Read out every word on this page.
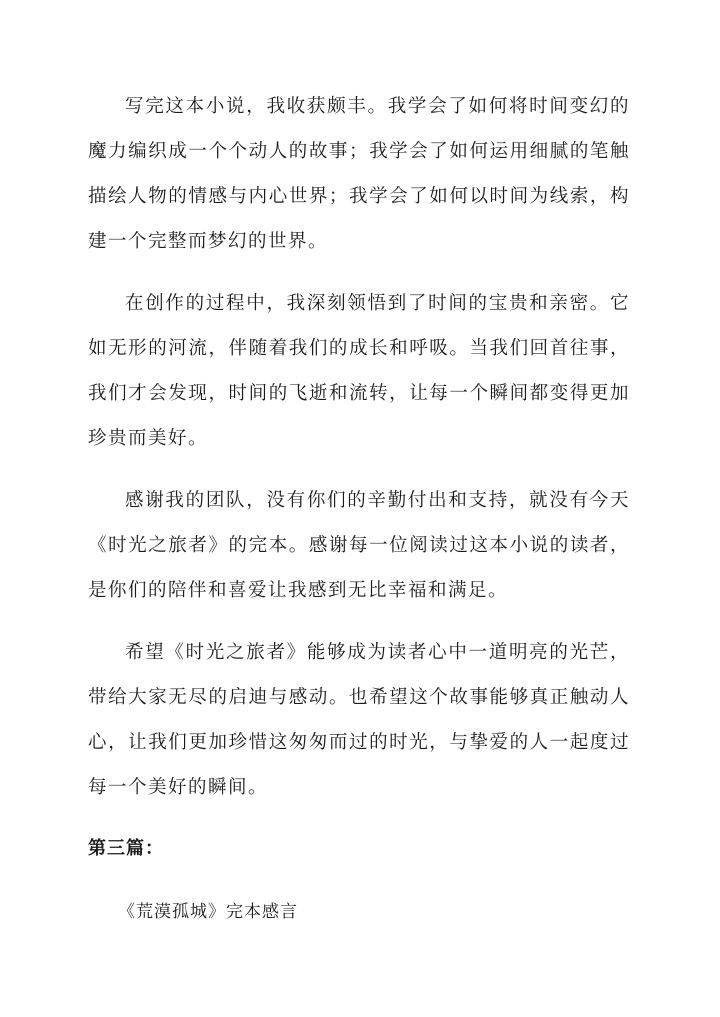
写完这本小说，我收获颇丰。我学会了如何将时间变幻的魔力编织成一个个动人的故事；我学会了如何运用细腻的笔触描绘人物的情感与内心世界；我学会了如何以时间为线索，构建一个完整而梦幻的世界。

在创作的过程中，我深刻领悟到了时间的宝贵和亲密。它如无形的河流，伴随着我们的成长和呼吸。当我们回首往事，我们才会发现，时间的飞逝和流转，让每一个瞬间都变得更加珍贵而美好。

感谢我的团队，没有你们的辛勤付出和支持，就没有今天《时光之旅者》的完本。感谢每一位阅读过这本小说的读者，是你们的陪伴和喜爱让我感到无比幸福和满足。

希望《时光之旅者》能够成为读者心中一道明亮的光芒，带给大家无尽的启迪与感动。也希望这个故事能够真正触动人心，让我们更加珍惜这匆匆而过的时光，与挚爱的人一起度过每一个美好的瞬间。

第三篇：
《荒漠孤城》完本感言
